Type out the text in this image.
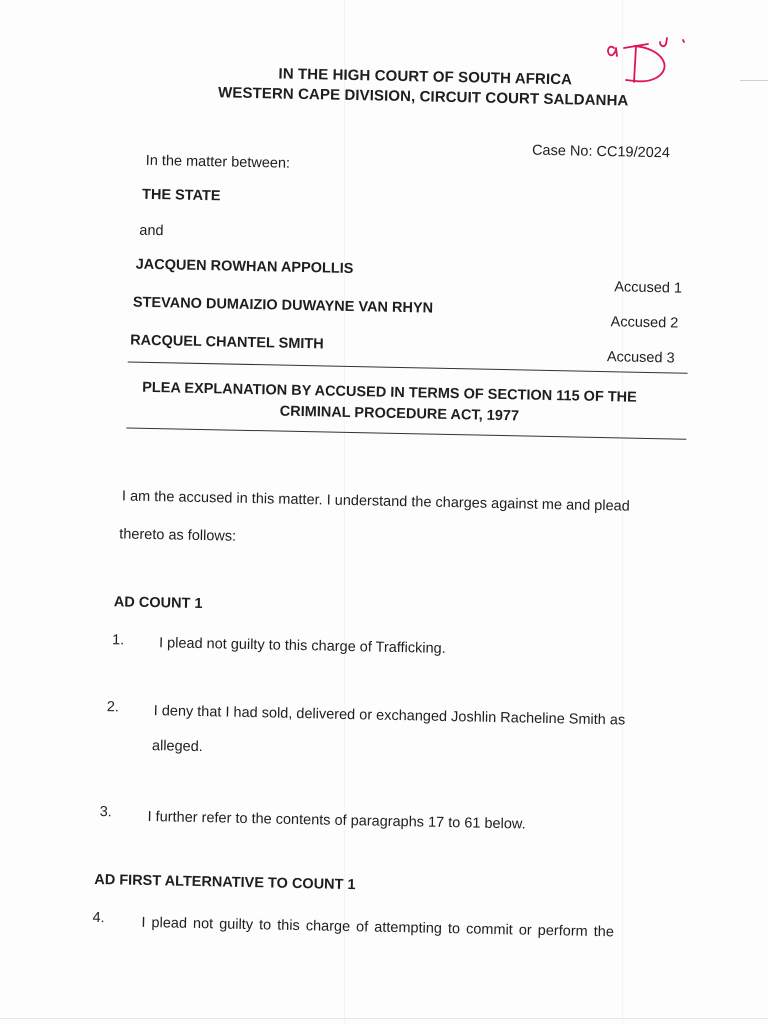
IN THE HIGH COURT OF SOUTH AFRICA
WESTERN CAPE DIVISION, CIRCUIT COURT SALDANHA
Case No: CC19/2024
In the matter between:
THE STATE
and
JACQUEN ROWHAN APPOLLIS
Accused 1
STEVANO DUMAIZIO DUWAYNE VAN RHYN
Accused 2
RACQUEL CHANTEL SMITH
Accused 3
PLEA EXPLANATION BY ACCUSED IN TERMS OF SECTION 115 OF THE
CRIMINAL PROCEDURE ACT, 1977
I am the accused in this matter. I understand the charges against me and plead
thereto as follows:
AD COUNT 1
1. I plead not guilty to this charge of Trafficking.
2. I deny that I had sold, delivered or exchanged Joshlin Racheline Smith as
alleged.
3. I further refer to the contents of paragraphs 17 to 61 below.
AD FIRST ALTERNATIVE TO COUNT 1
4.	I plead not guilty to this charge of attempting to commit or perform the
